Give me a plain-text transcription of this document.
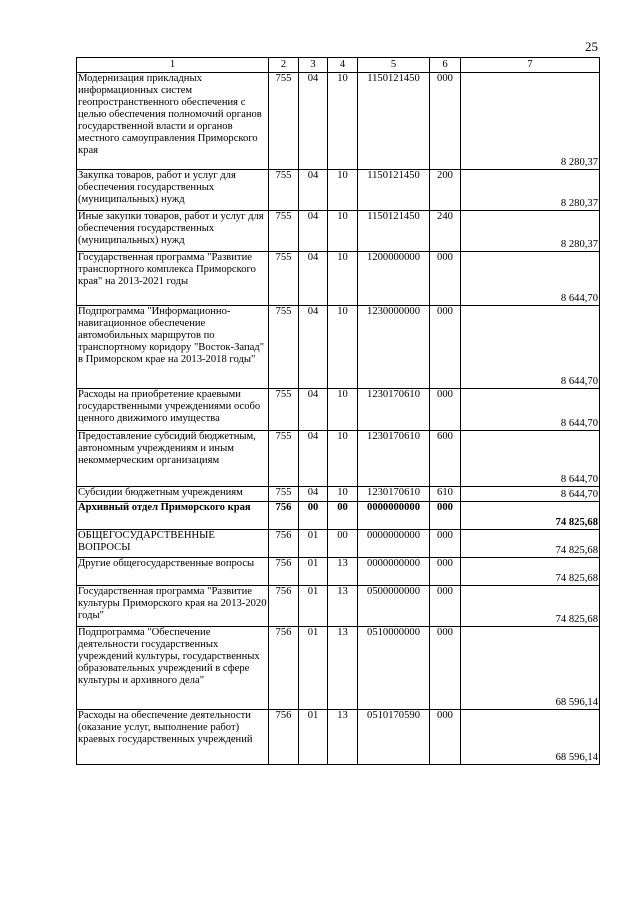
25
1	2	3	4	5	6	7
Модернизация прикладных информационных систем геопространственного обеспечения с целью обеспечения полномочий органов государственной власти и органов местного самоуправления Приморского края	755	04	10	1150121450	000	8 280,37
Закупка товаров, работ и услуг для обеспечения государственных (муниципальных) нужд	755	04	10	1150121450	200	8 280,37
Иные закупки товаров, работ и услуг для обеспечения государственных (муниципальных) нужд	755	04	10	1150121450	240	8 280,37
Государственная программа "Развитие транспортного комплекса Приморского края" на 2013-2021 годы	755	04	10	1200000000	000	8 644,70
Подпрограмма "Информационно-навигационное обеспечение автомобильных маршрутов по транспортному коридору "Восток-Запад" в Приморском крае на 2013-2018 годы"	755	04	10	1230000000	000	8 644,70
Расходы на приобретение краевыми государственными учреждениями особо ценного движимого имущества	755	04	10	1230170610	000	8 644,70
Предоставление субсидий бюджетным, автономным учреждениям и иным некоммерческим организациям	755	04	10	1230170610	600	8 644,70
Субсидии бюджетным учреждениям	755	04	10	1230170610	610	8 644,70
Архивный отдел Приморского края	756	00	00	0000000000	000	74 825,68
ОБЩЕГОСУДАРСТВЕННЫЕ ВОПРОСЫ	756	01	00	0000000000	000	74 825,68
Другие общегосударственные вопросы	756	01	13	0000000000	000	74 825,68
Государственная программа "Развитие культуры Приморского края на 2013-2020 годы"	756	01	13	0500000000	000	74 825,68
Подпрограмма "Обеспечение деятельности государственных учреждений культуры, государственных образовательных учреждений в сфере культуры и архивного дела"	756	01	13	0510000000	000	68 596,14
Расходы на обеспечение деятельности (оказание услуг, выполнение работ) краевых государственных учреждений	756	01	13	0510170590	000	68 596,14
